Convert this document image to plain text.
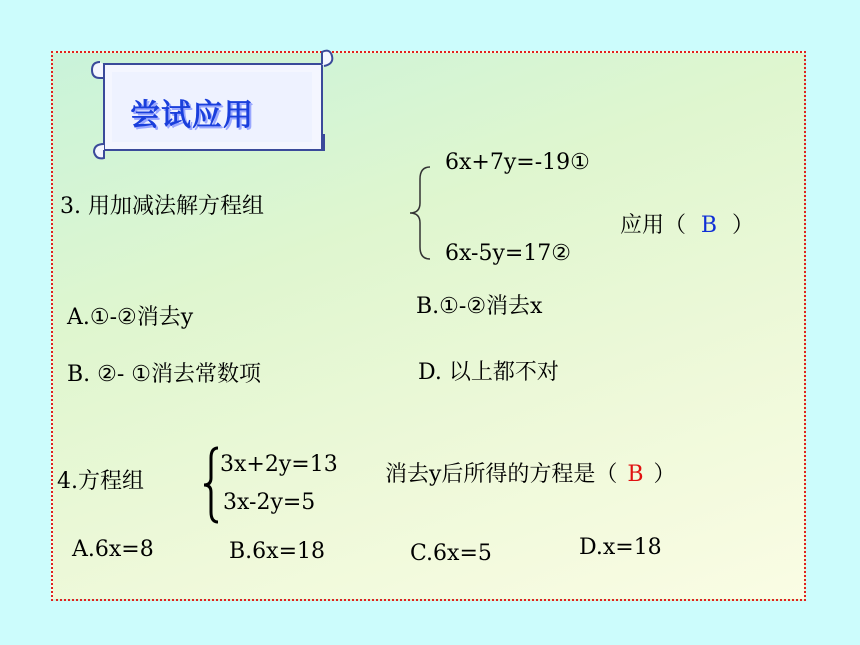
尝试应用
3. 用加减法解方程组
6x+7y=-19①
6x-5y=17②
应用（ B ）
A.①-②消去y	B.①-②消去x
B. ②- ①消去常数项	D. 以上都不对
4.方程组
3x+2y=13
3x-2y=5
消去y后所得的方程是（ B ）
A.6x=8	B.6x=18	C.6x=5	D.x=18
